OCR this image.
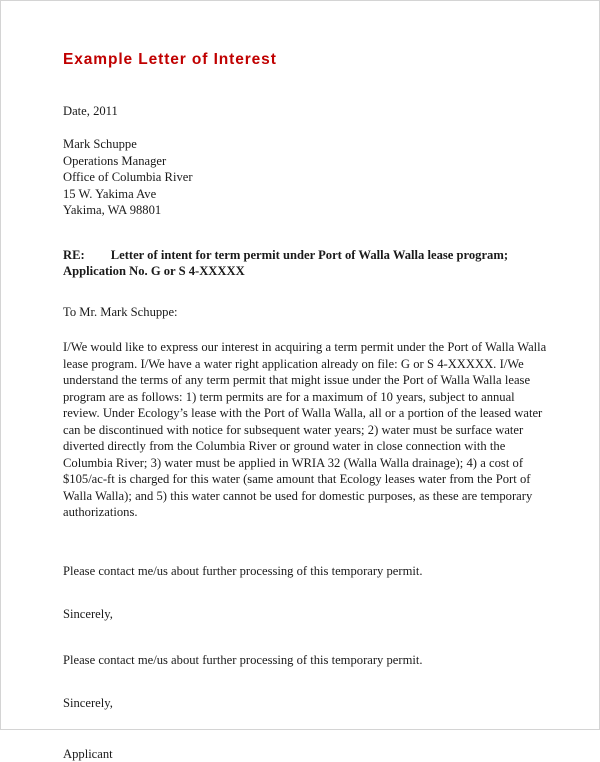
Example Letter of Interest

Date, 2011

Mark Schuppe
Operations Manager
Office of Columbia River
15 W. Yakima Ave
Yakima, WA 98801
RE: Letter of intent for term permit under Port of Walla Walla lease program;
Application No. G or S 4-XXXXX

To Mr. Mark Schuppe:

I/We would like to express our interest in acquiring a term permit under the Port of Walla Walla lease program. I/We have a water right application already on file: G or S 4-XXXXX. I/We understand the terms of any term permit that might issue under the Port of Walla Walla lease program are as follows: 1) term permits are for a maximum of 10 years, subject to annual review. Under Ecology’s lease with the Port of Walla Walla, all or a portion of the leased water can be discontinued with notice for subsequent water years; 2) water must be surface water diverted directly from the Columbia River or ground water in close connection with the Columbia River; 3) water must be applied in WRIA 32 (Walla Walla drainage); 4) a cost of $105/ac-ft is charged for this water (same amount that Ecology leases water from the Port of Walla Walla); and 5) this water cannot be used for domestic purposes, as these are temporary authorizations.

Please contact me/us about further processing of this temporary permit.

Sincerely,

Please contact me/us about further processing of this temporary permit.

Sincerely,

Applicant
